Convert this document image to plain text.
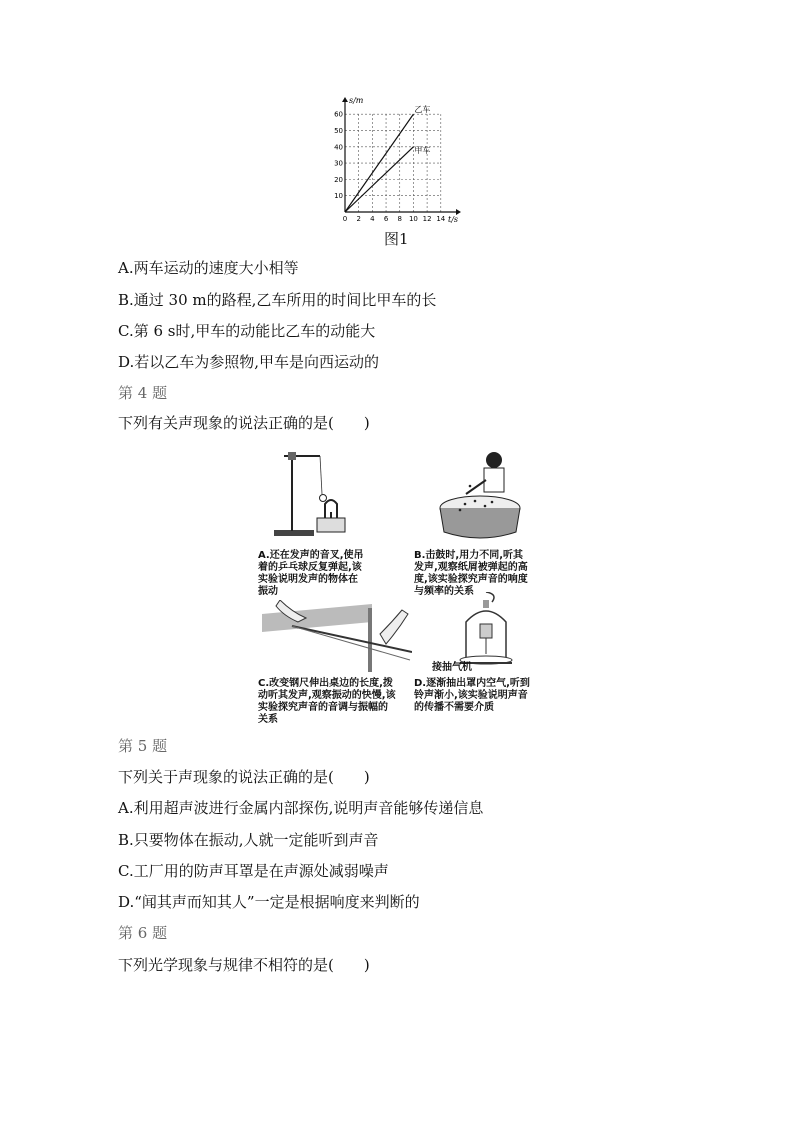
0 2 4 6 8 10 12 14
10
20
30
40
50
60
乙车
甲车
s/m
t/s
图1
A.两车运动的速度大小相等
B.通过 30 m的路程,乙车所用的时间比甲车的长
C.第 6 s时,甲车的动能比乙车的动能大
D.若以乙车为参照物,甲车是向西运动的
第 4 题
下列有关声现象的说法正确的是(　　)
A.还在发声的音叉,使吊
着的乒乓球反复弹起,该
实验说明发声的物体在
振动
B.击鼓时,用力不同,听其
发声,观察纸屑被弹起的高
度,该实验探究声音的响度
与频率的关系
C.改变钢尺伸出桌边的长度,拨
动听其发声,观察振动的快慢,该
实验探究声音的音调与振幅的
关系
接抽气机
D.逐渐抽出罩内空气,听到
铃声渐小,该实验说明声音
的传播不需要介质
第 5 题
下列关于声现象的说法正确的是(　　)
A.利用超声波进行金属内部探伤,说明声音能够传递信息
B.只要物体在振动,人就一定能听到声音
C.工厂用的防声耳罩是在声源处减弱噪声
D.“闻其声而知其人”一定是根据响度来判断的
第 6 题
下列光学现象与规律不相符的是(　　)
